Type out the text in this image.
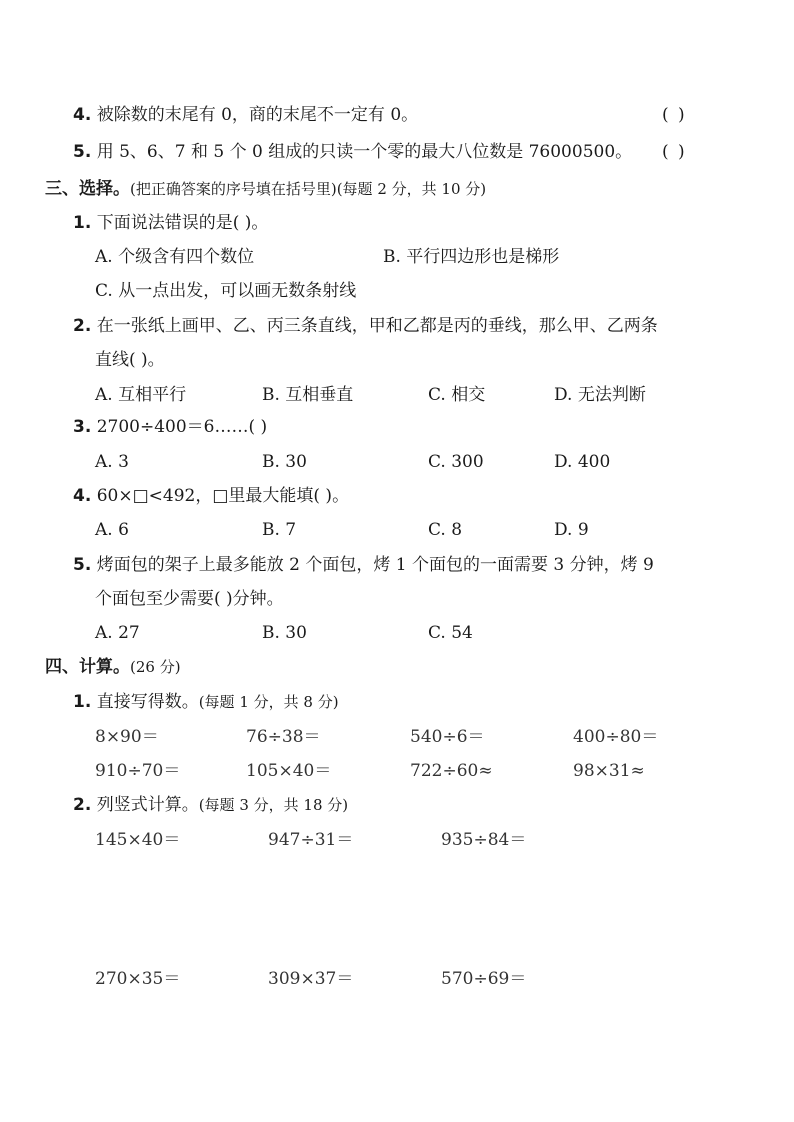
4. 被除数的末尾有 0，商的末尾不一定有 0。	( )
5. 用 5、6、7 和 5 个 0 组成的只读一个零的最大八位数是 76000500。 ( )
三、选择。(把正确答案的序号填在括号里)(每题 2 分，共 10 分)
1. 下面说法错误的是( )。
A. 个级含有四个数位	B. 平行四边形也是梯形
C. 从一点出发，可以画无数条射线
2. 在一张纸上画甲、乙、丙三条直线，甲和乙都是丙的垂线，那么甲、乙两条
直线( )。
A. 互相平行	B. 互相垂直	C. 相交	D. 无法判断
3. 2700÷400＝6……( )
A. 3	B. 30	C. 300	D. 400
4. 60×□<492，□里最大能填( )。
A. 6	B. 7	C. 8	D. 9
5. 烤面包的架子上最多能放 2 个面包，烤 1 个面包的一面需要 3 分钟，烤 9
个面包至少需要( )分钟。
A. 27	B. 30	C. 54
四、计算。(26 分)
1. 直接写得数。(每题 1 分，共 8 分)
8×90＝	76÷38＝	540÷6＝	400÷80＝
910÷70＝	105×40＝	722÷60≈	98×31≈
2. 列竖式计算。(每题 3 分，共 18 分)
145×40＝	947÷31＝	935÷84＝
270×35＝	309×37＝	570÷69＝
